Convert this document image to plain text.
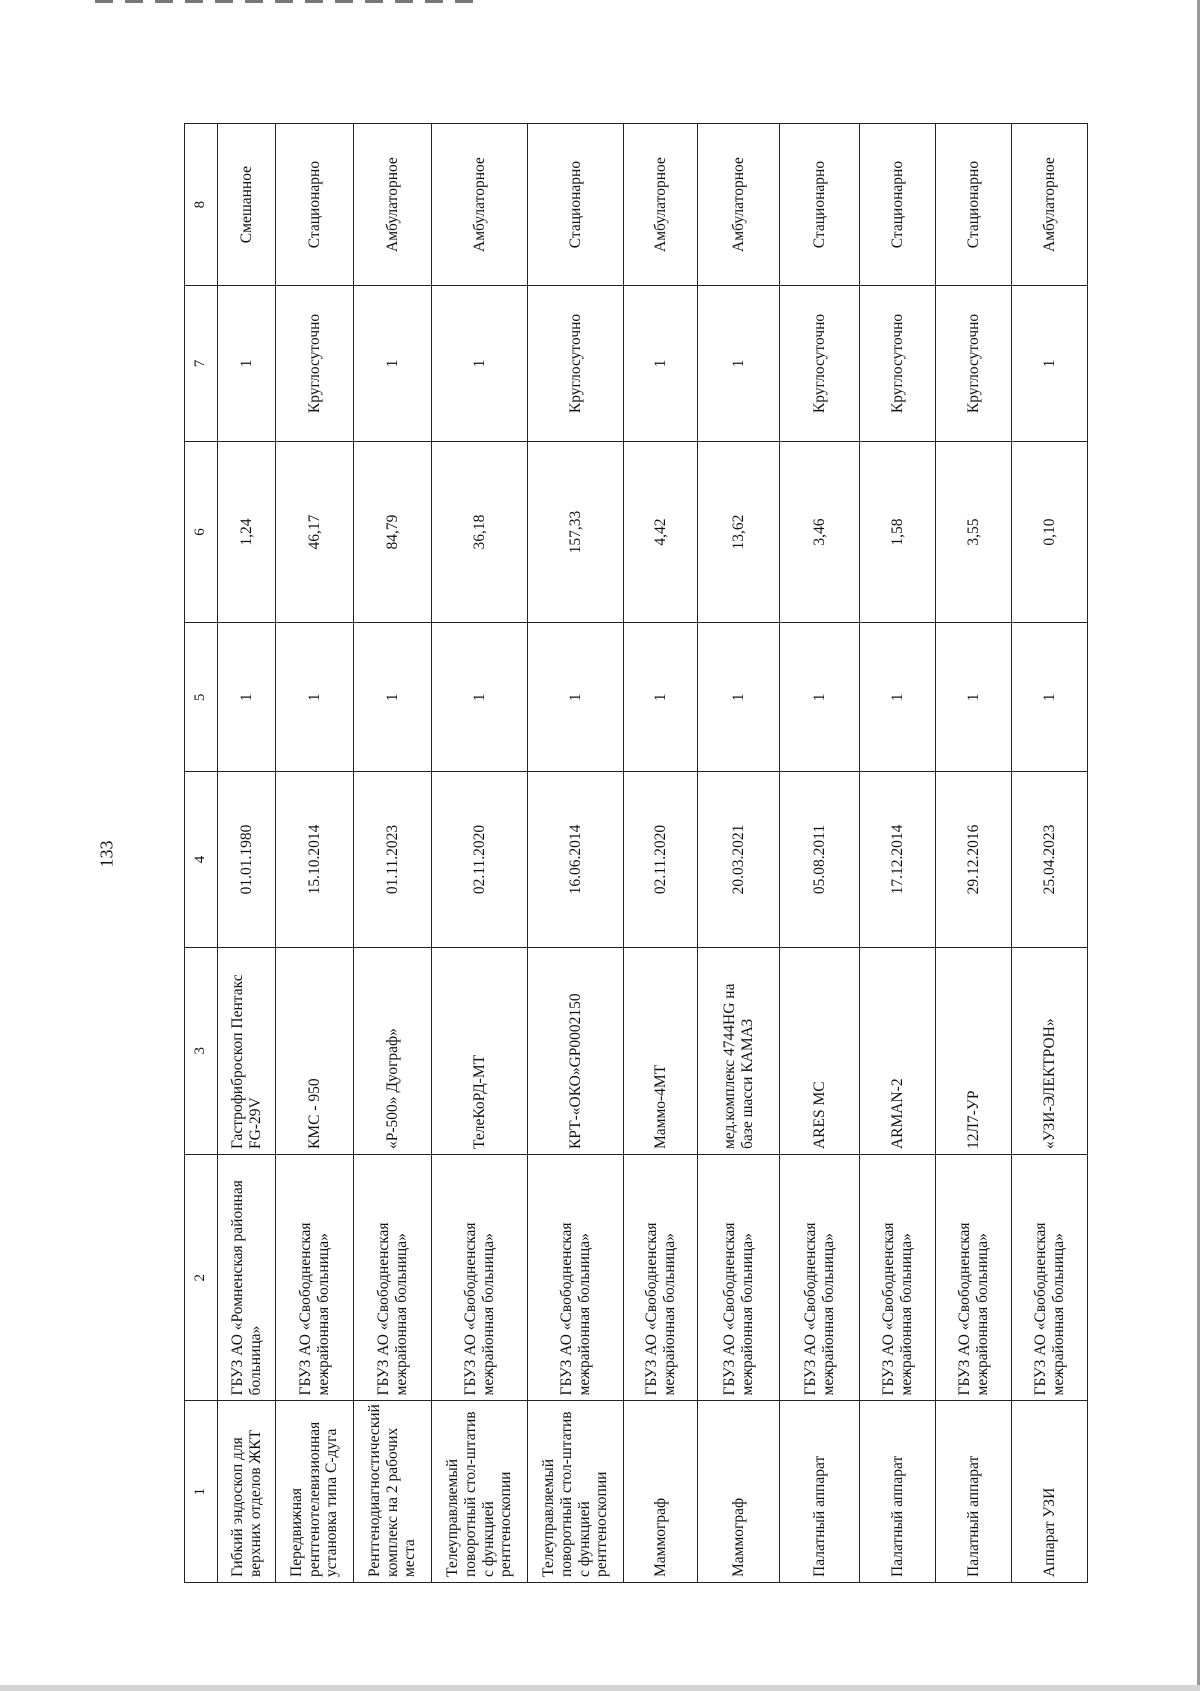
133
1	2	3	4	5	6	7	8
Гибкий эндоскоп для верхних отделов ЖКТ	ГБУЗ АО «Ромненская районная больница»	Гастрофиброскоп Пентакс FG-29V	01.01.1980	1	1,24	1	Смешанное
Передвижная рентгенотелевизионная установка типа С-дуга	ГБУЗ АО «Свободненская межрайонная больница»	КМС - 950	15.10.2014	1	46,17	Круглосуточно	Стационарно
Рентгенодиагностический комплекс на 2 рабочих места	ГБУЗ АО «Свободненская межрайонная больница»	«Р-500» Дуограф»	01.11.2023	1	84,79	1	Амбулаторное
Телеуправляемый поворотный стол-штатив с функцией рентгеноскопии	ГБУЗ АО «Свободненская межрайонная больница»	ТелеКоРД-МТ	02.11.2020	1	36,18	1	Амбулаторное
Телеуправляемый поворотный стол-штатив с функцией рентгеноскопии	ГБУЗ АО «Свободненская межрайонная больница»	КРТ-«ОКО»GP0002150	16.06.2014	1	157,33	Круглосуточно	Стационарно
Маммограф	ГБУЗ АО «Свободненская межрайонная больница»	Маммо-4МТ	02.11.2020	1	4,42	1	Амбулаторное
Маммограф	ГБУЗ АО «Свободненская межрайонная больница»	мед.комплекс 4744HG на базе шасси КАМАЗ	20.03.2021	1	13,62	1	Амбулаторное
Палатный аппарат	ГБУЗ АО «Свободненская межрайонная больница»	ARES MC	05.08.2011	1	3,46	Круглосуточно	Стационарно
Палатный аппарат	ГБУЗ АО «Свободненская межрайонная больница»	ARMAN-2	17.12.2014	1	1,58	Круглосуточно	Стационарно
Палатный аппарат	ГБУЗ АО «Свободненская межрайонная больница»	12Л7-УР	29.12.2016	1	3,55	Круглосуточно	Стационарно
Аппарат УЗИ	ГБУЗ АО «Свободненская межрайонная больница»	«УЗИ-ЭЛЕКТРОН»	25.04.2023	1	0,10	1	Амбулаторное
